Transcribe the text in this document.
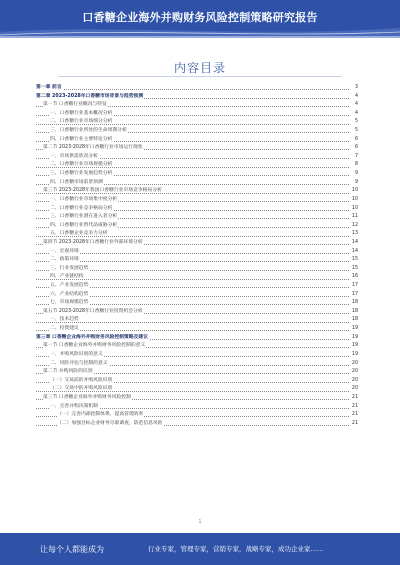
口香糖企业海外并购财务风险控制策略研究报告
内容目录
第一章 前言	3
第二章 2023-2028年口香糖市场背景与趋势预测	4
第一节 口香糖行业概况与特征	4
一、口香糖行业基本概况分析	4
二、口香糖行业市场细分分析	5
三、口香糖行业所处的生命周期分析	5
四、口香糖行业主要特征分析	6
第二节 2023-2028年口香糖行业市场运行现状	6
一、市场供需状况分析	7
二、口香糖行业市场规模分析	8
三、口香糖行业发展趋势分析	9
四、口香糖市场前景预测	9
第三节 2023-2028年我国口香糖行业市场竞争格局分析	10
一、口香糖行业市场集中度分析	10
二、口香糖行业竞争格局分析	10
三、口香糖行业潜在进入者分析	11
四、口香糖行业替代品威胁分析	12
五、口香糖企业竞争力分析	13
第四节 2023-2028年口香糖行业外部环境分析	14
一、宏观环境	14
二、政策环境	15
三、行业发展趋势	15
四、产业链结构	16
五、产业发展趋势	17
六、产业结构趋势	17
七、市场规模趋势	18
第五节 2023-2028年口香糖行业投资机会分析	18
一、技术趋势	18
二、投资建议	19
第三章 口香糖企业海外并购财务风险控制策略及建议	19
第一节 口香糖企业海外并购财务风险控制的意义	19
一、并购风险识别的意义	19
二、风险评估与控制的意义	20
第二节 并购风险的识别	20
（一）交易前的并购风险识别	20
（二）交易中的并购风险识别	20
第三节 口香糖企业海外并购财务风险控制	21
一、完善并购决策机制	21
（一）完善内部控制体系，提高管理效率	21
（二）加强目标企业财务尽职调查，防范信息风险	21
1
让每个人都能成为	行业专家，管理专家，营销专家，战略专家，成功企业家……
